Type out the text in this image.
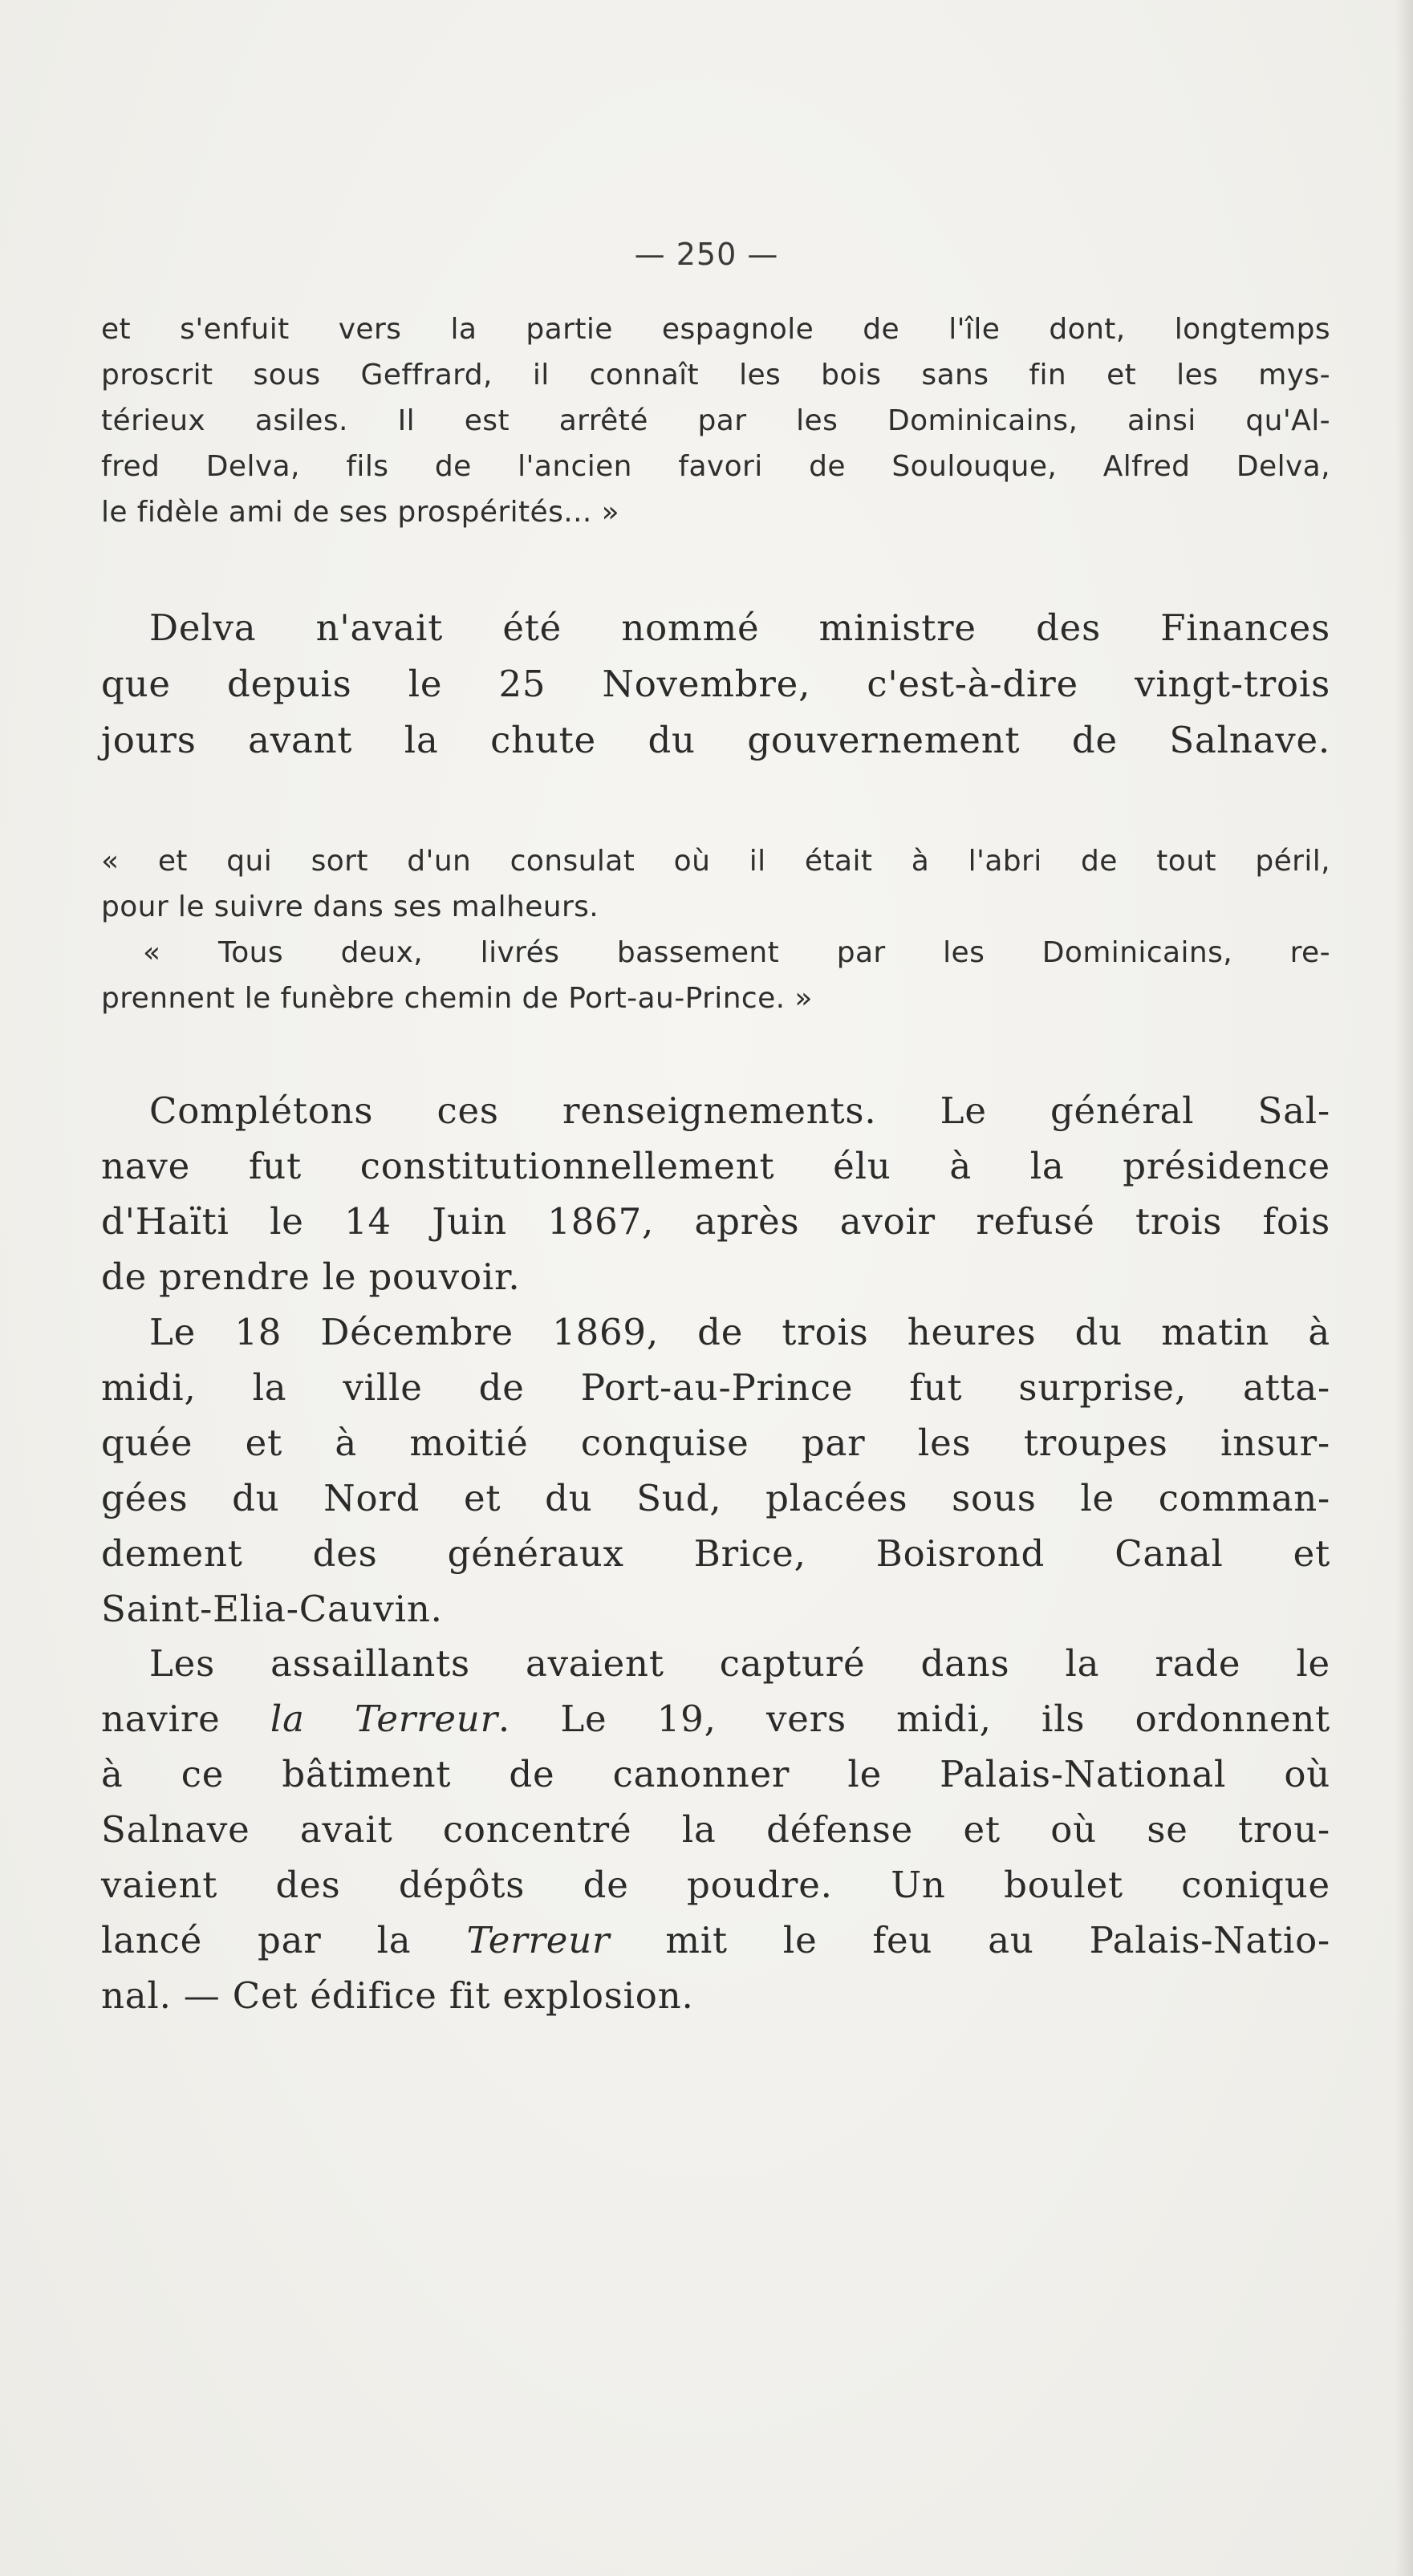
— 250 —

et s'enfuit vers la partie espagnole de l'île dont, longtemps
proscrit sous Geffrard, il connaît les bois sans fin et les mys-
térieux asiles. Il est arrêté par les Dominicains, ainsi qu'Al-
fred Delva, fils de l'ancien favori de Soulouque, Alfred Delva,
le fidèle ami de ses prospérités... »

Delva n'avait été nommé ministre des Finances
que depuis le 25 Novembre, c'est-à-dire vingt-trois
jours avant la chute du gouvernement de Salnave.

« et qui sort d'un consulat où il était à l'abri de tout péril,
pour le suivre dans ses malheurs.
« Tous deux, livrés bassement par les Dominicains, re-
prennent le funèbre chemin de Port-au-Prince. »

Complétons ces renseignements. Le général Sal-
nave fut constitutionnellement élu à la présidence
d'Haïti le 14 Juin 1867, après avoir refusé trois fois
de prendre le pouvoir.

Le 18 Décembre 1869, de trois heures du matin à
midi, la ville de Port-au-Prince fut surprise, atta-
quée et à moitié conquise par les troupes insur-
gées du Nord et du Sud, placées sous le comman-
dement des généraux Brice, Boisrond Canal et
Saint-Elia-Cauvin.

Les assaillants avaient capturé dans la rade le
navire la Terreur. Le 19, vers midi, ils ordonnent
à ce bâtiment de canonner le Palais-National où
Salnave avait concentré la défense et où se trou-
vaient des dépôts de poudre. Un boulet conique
lancé par la Terreur mit le feu au Palais-Natio-
nal. — Cet édifice fit explosion.
